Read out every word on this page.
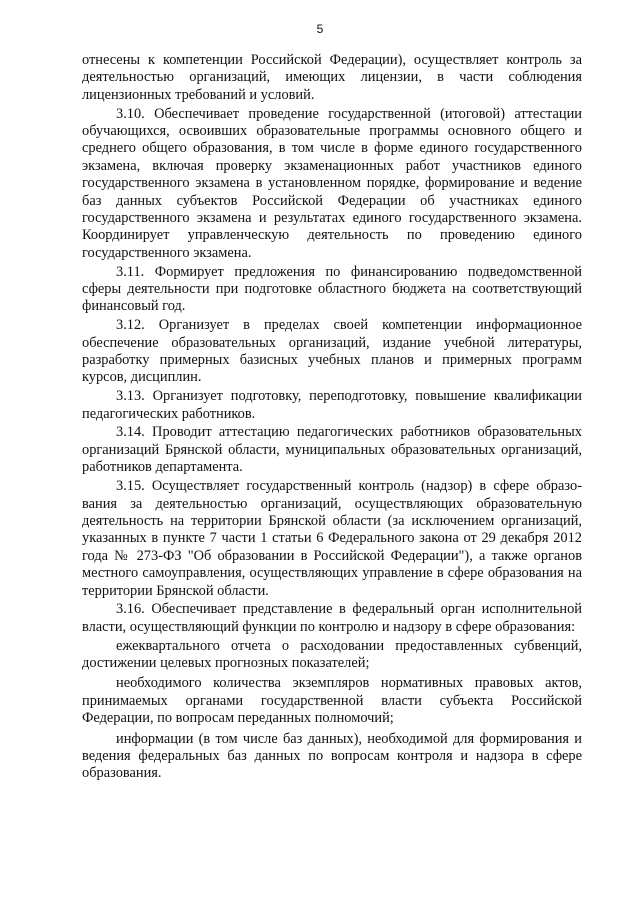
5

отнесены к компетенции Российской Федерации), осуществляет контроль за деятельностью организаций, имеющих лицензии, в части соблюдения лицензионных требований и условий.

3.10. Обеспечивает проведение государственной (итоговой) аттестации обучающихся, освоивших образовательные программы основного общего и среднего общего образования, в том числе в форме единого государственного экзамена, включая проверку экзаменационных работ участников единого государственного экзамена в установленном порядке, формирование и ведение баз данных субъектов Российской Федерации об участниках единого государственного экзамена и результатах единого государственного экзамена. Координирует управленческую деятельность по проведению единого государственного экзамена.

3.11. Формирует предложения по финансированию подведомственной сферы деятельности при подготовке областного бюджета на соответствующий финансовый год.

3.12. Организует в пределах своей компетенции информационное обеспечение образовательных организаций, издание учебной литературы, разработку примерных базисных учебных планов и примерных программ курсов, дисциплин.

3.13. Организует подготовку, переподготовку, повышение квалификации педагогических работников.

3.14. Проводит аттестацию педагогических работников образовательных организаций Брянской области, муниципальных образовательных организаций, работников департамента.

3.15. Осуществляет государственный контроль (надзор) в сфере образования за деятельностью организаций, осуществляющих образовательную деятельность на территории Брянской области (за исключением организаций, указанных в пункте 7 части 1 статьи 6 Федерального закона от 29 декабря 2012 года № 273-ФЗ "Об образовании в Российской Федерации"), а также органов местного самоуправления, осуществляющих управление в сфере образования на территории Брянской области.

3.16. Обеспечивает представление в федеральный орган исполнительной власти, осуществляющий функции по контролю и надзору в сфере образования:

ежеквартального отчета о расходовании предоставленных субвенций, достижении целевых прогнозных показателей;

необходимого количества экземпляров нормативных правовых актов, принимаемых органами государственной власти субъекта Российской Федерации, по вопросам переданных полномочий;

информации (в том числе баз данных), необходимой для формирования и ведения федеральных баз данных по вопросам контроля и надзора в сфере образования.
